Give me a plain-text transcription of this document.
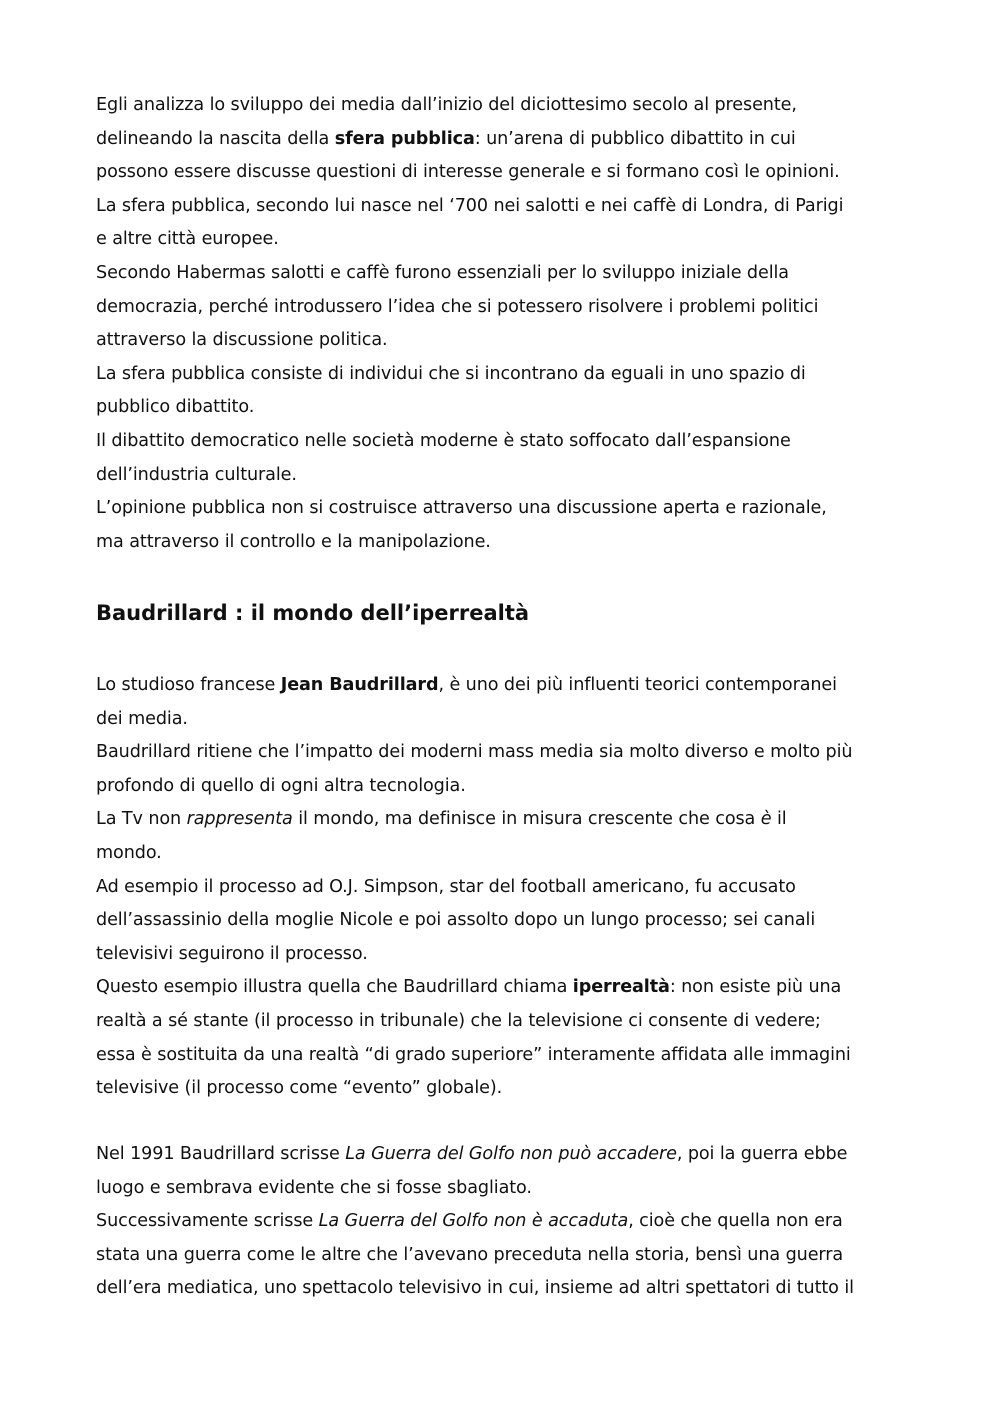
Egli analizza lo sviluppo dei media dall’inizio del diciottesimo secolo al presente,
delineando la nascita della sfera pubblica: un’arena di pubblico dibattito in cui
possono essere discusse questioni di interesse generale e si formano così le opinioni.
La sfera pubblica, secondo lui nasce nel ‘700 nei salotti e nei caffè di Londra, di Parigi
e altre città europee.
Secondo Habermas salotti e caffè furono essenziali per lo sviluppo iniziale della
democrazia, perché introdussero l’idea che si potessero risolvere i problemi politici
attraverso la discussione politica.
La sfera pubblica consiste di individui che si incontrano da eguali in uno spazio di
pubblico dibattito.
Il dibattito democratico nelle società moderne è stato soffocato dall’espansione
dell’industria culturale.
L’opinione pubblica non si costruisce attraverso una discussione aperta e razionale,
ma attraverso il controllo e la manipolazione.
Baudrillard : il mondo dell’iperrealtà
Lo studioso francese Jean Baudrillard, è uno dei più influenti teorici contemporanei
dei media.
Baudrillard ritiene che l’impatto dei moderni mass media sia molto diverso e molto più
profondo di quello di ogni altra tecnologia.
La Tv non rappresenta il mondo, ma definisce in misura crescente che cosa è il
mondo.
Ad esempio il processo ad O.J. Simpson, star del football americano, fu accusato
dell’assassinio della moglie Nicole e poi assolto dopo un lungo processo; sei canali
televisivi seguirono il processo.
Questo esempio illustra quella che Baudrillard chiama iperrealtà: non esiste più una
realtà a sé stante (il processo in tribunale) che la televisione ci consente di vedere;
essa è sostituita da una realtà “di grado superiore” interamente affidata alle immagini
televisive (il processo come “evento” globale).
Nel 1991 Baudrillard scrisse La Guerra del Golfo non può accadere, poi la guerra ebbe
luogo e sembrava evidente che si fosse sbagliato.
Successivamente scrisse La Guerra del Golfo non è accaduta, cioè che quella non era
stata una guerra come le altre che l’avevano preceduta nella storia, bensì una guerra
dell’era mediatica, uno spettacolo televisivo in cui, insieme ad altri spettatori di tutto il
